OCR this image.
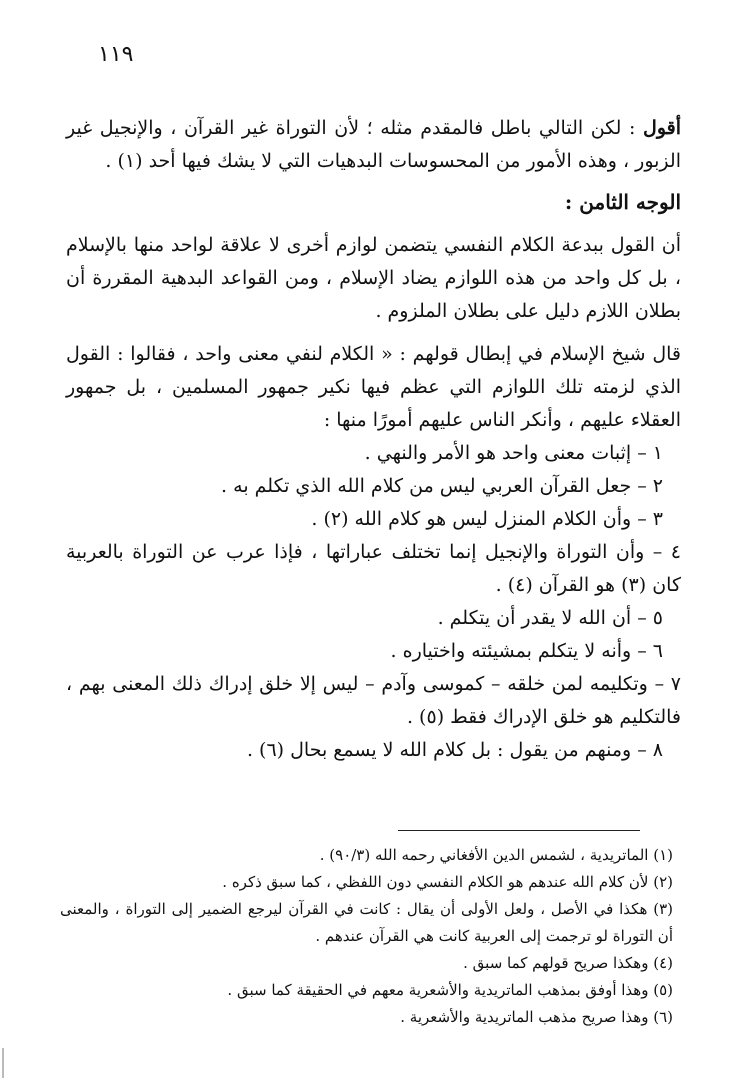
١١٩

أقول : لكن التالي باطل فالمقدم مثله ؛ لأن التوراة غير القرآن ، والإنجيل غير الزبور ، وهذه الأمور من المحسوسات البدهيات التي لا يشك فيها أحد (١) .

الوجه الثامن :

أن القول ببدعة الكلام النفسي يتضمن لوازم أخرى لا علاقة لواحد منها بالإسلام ، بل كل واحد من هذه اللوازم يضاد الإسلام ، ومن القواعد البدهية المقررة أن بطلان اللازم دليل على بطلان الملزوم .

قال شيخ الإسلام في إبطال قولهم : « الكلام لنفي معنى واحد ، فقالوا : القول الذي لزمته تلك اللوازم التي عظم فيها نكير جمهور المسلمين ، بل جمهور العقلاء عليهم ، وأنكر الناس عليهم أمورًا منها :

١ – إثبات معنى واحد هو الأمر والنهي .

٢ – جعل القرآن العربي ليس من كلام الله الذي تكلم به .

٣ – وأن الكلام المنزل ليس هو كلام الله (٢) .

٤ – وأن التوراة والإنجيل إنما تختلف عباراتها ، فإذا عرب عن التوراة بالعربية كان (٣) هو القرآن (٤) .

٥ – أن الله لا يقدر أن يتكلم .

٦ – وأنه لا يتكلم بمشيئته واختياره .

٧ – وتكليمه لمن خلقه – كموسى وآدم – ليس إلا خلق إدراك ذلك المعنى بهم ، فالتكليم هو خلق الإدراك فقط (٥) .

٨ – ومنهم من يقول : بل كلام الله لا يسمع بحال (٦) .

(١) الماتريدية ، لشمس الدين الأفغاني رحمه الله (٩٠/٣) .

(٢) لأن كلام الله عندهم هو الكلام النفسي دون اللفظي ، كما سبق ذكره .

(٣) هكذا في الأصل ، ولعل الأولى أن يقال : كانت في القرآن ليرجع الضمير إلى التوراة ، والمعنى أن التوراة لو ترجمت إلى العربية كانت هي القرآن عندهم .

(٤) وهكذا صريح قولهم كما سبق .

(٥) وهذا أوفق بمذهب الماتريدية والأشعرية معهم في الحقيقة كما سبق .

(٦) وهذا صريح مذهب الماتريدية والأشعرية .
